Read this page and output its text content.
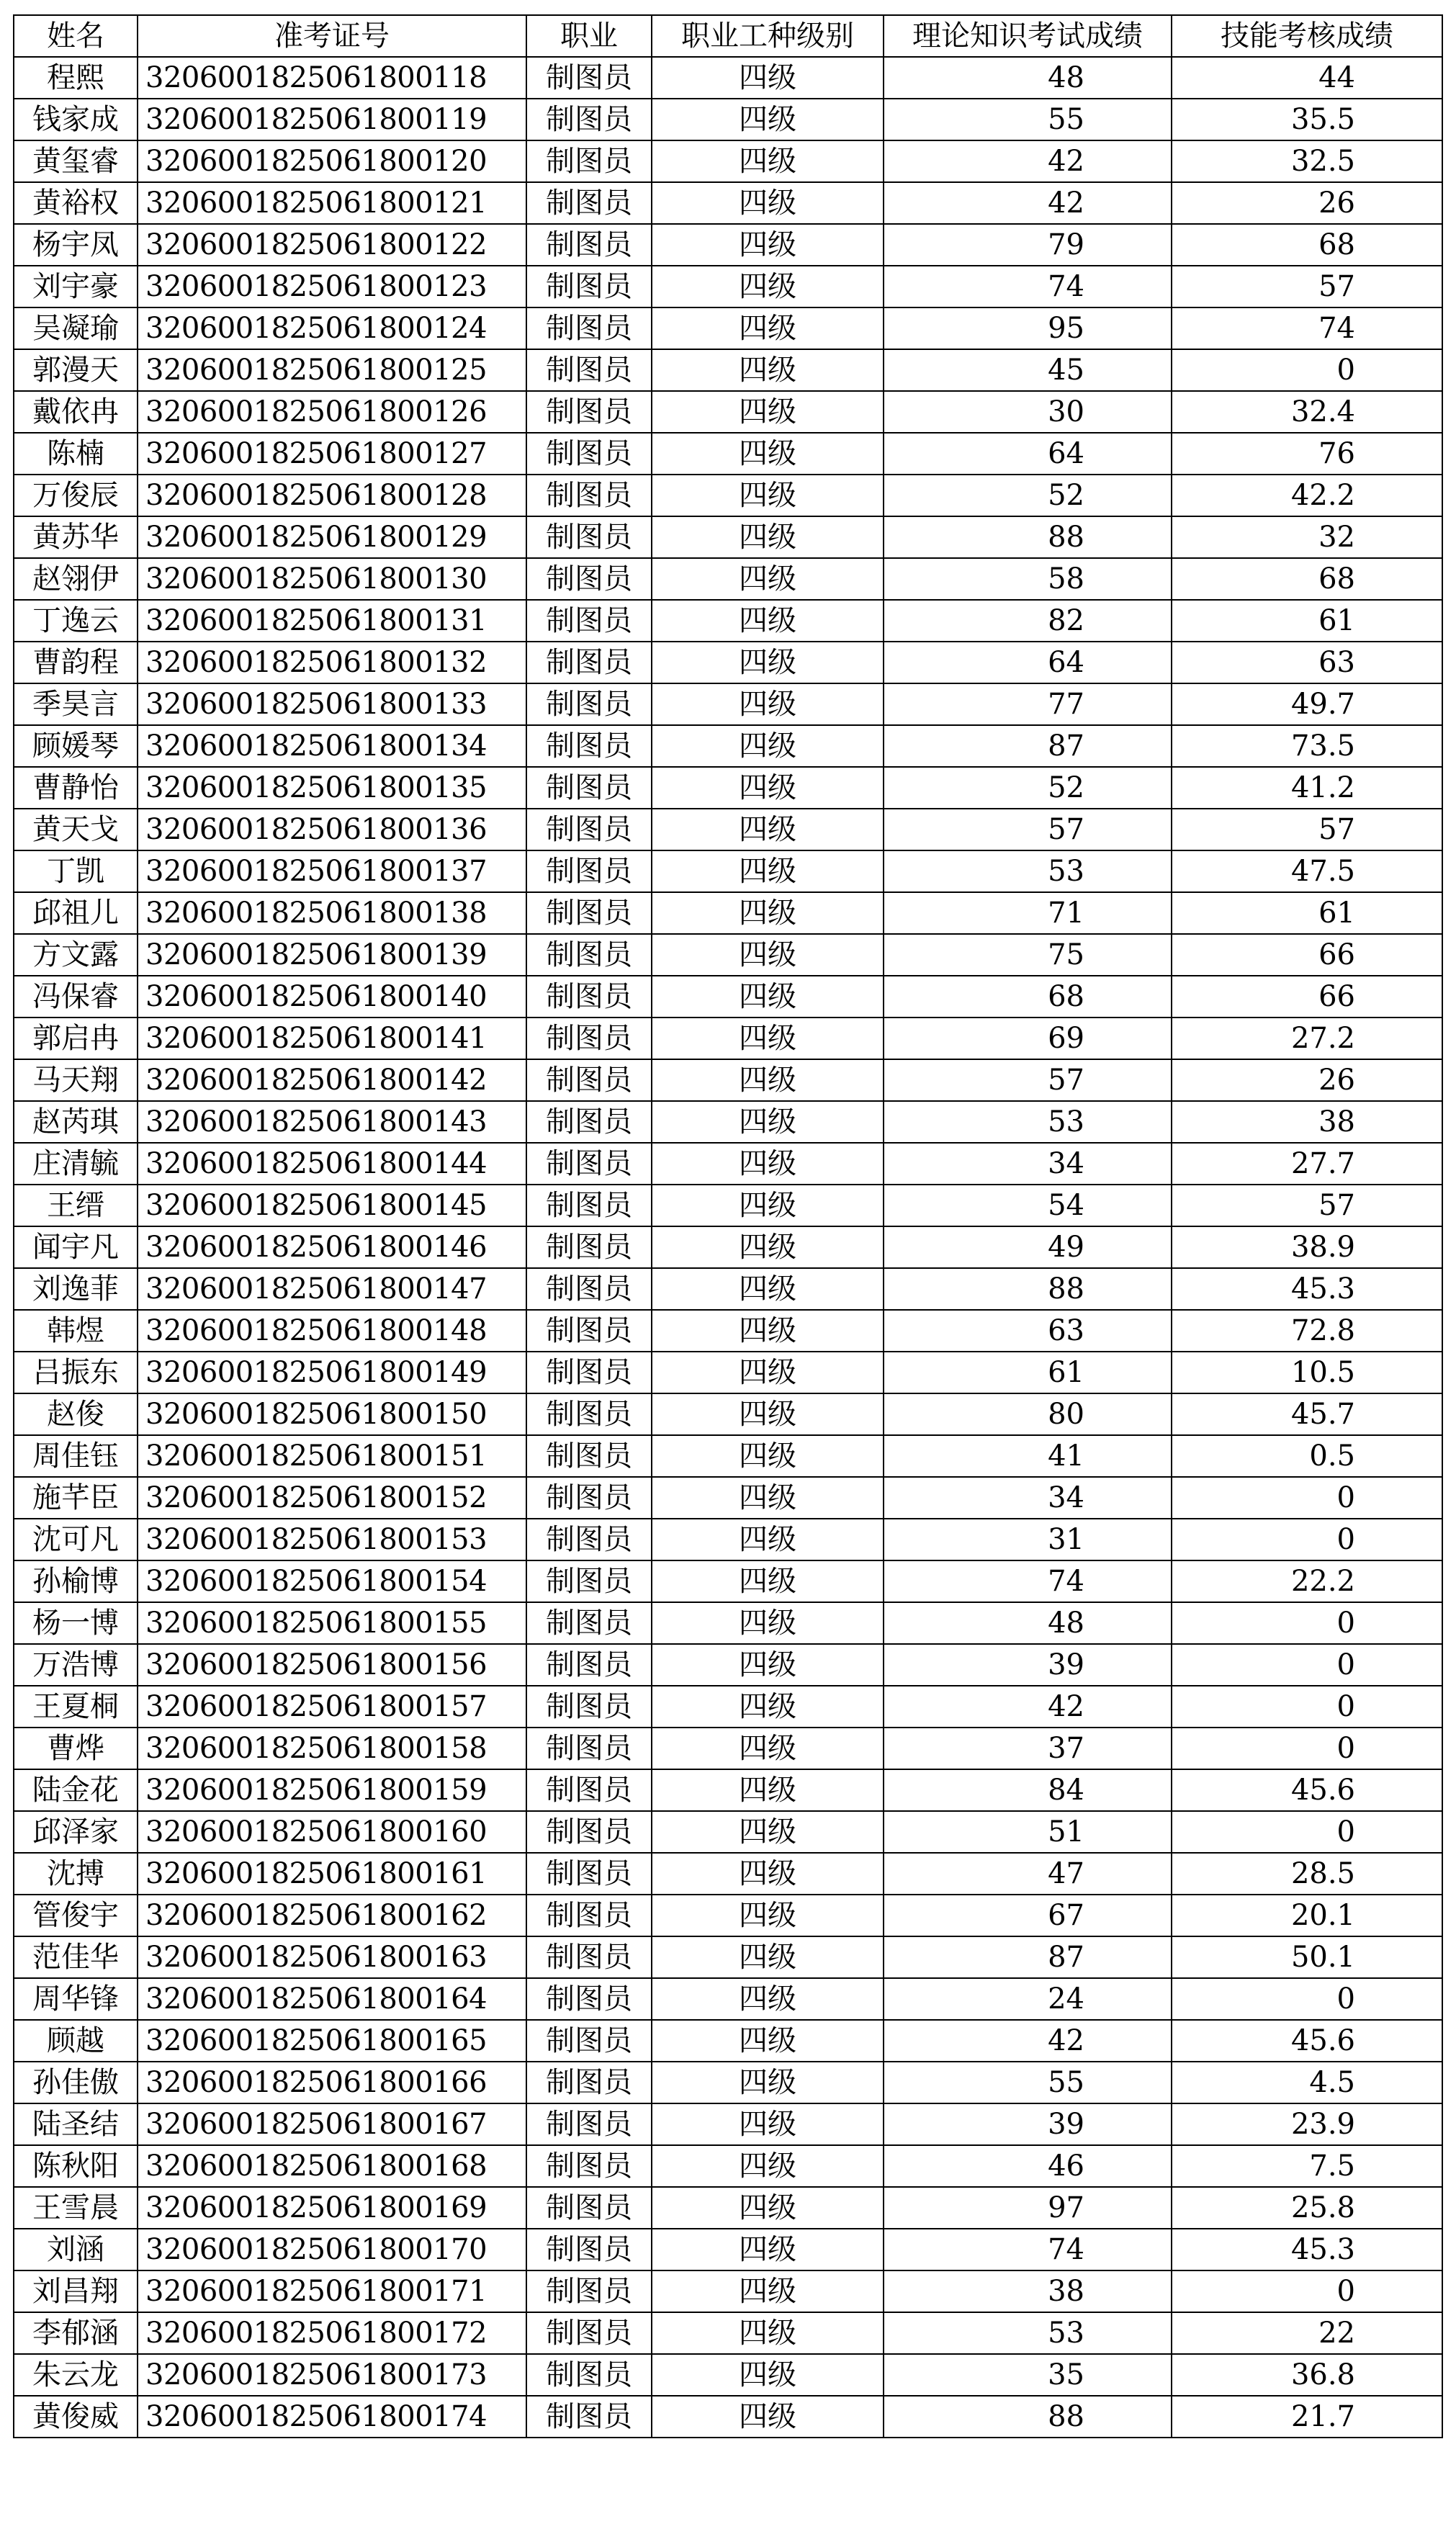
姓名	准考证号	职业	职业工种级别	理论知识考试成绩	技能考核成绩
程熙	3206001825061800118	制图员	四级	48	44
钱家成	3206001825061800119	制图员	四级	55	35.5
黄玺睿	3206001825061800120	制图员	四级	42	32.5
黄裕权	3206001825061800121	制图员	四级	42	26
杨宇凤	3206001825061800122	制图员	四级	79	68
刘宇豪	3206001825061800123	制图员	四级	74	57
吴凝瑜	3206001825061800124	制图员	四级	95	74
郭漫天	3206001825061800125	制图员	四级	45	0
戴依冉	3206001825061800126	制图员	四级	30	32.4
陈楠	3206001825061800127	制图员	四级	64	76
万俊辰	3206001825061800128	制图员	四级	52	42.2
黄苏华	3206001825061800129	制图员	四级	88	32
赵翎伊	3206001825061800130	制图员	四级	58	68
丁逸云	3206001825061800131	制图员	四级	82	61
曹韵程	3206001825061800132	制图员	四级	64	63
季昊言	3206001825061800133	制图员	四级	77	49.7
顾媛琴	3206001825061800134	制图员	四级	87	73.5
曹静怡	3206001825061800135	制图员	四级	52	41.2
黄天戈	3206001825061800136	制图员	四级	57	57
丁凯	3206001825061800137	制图员	四级	53	47.5
邱祖儿	3206001825061800138	制图员	四级	71	61
方文露	3206001825061800139	制图员	四级	75	66
冯保睿	3206001825061800140	制图员	四级	68	66
郭启冉	3206001825061800141	制图员	四级	69	27.2
马天翔	3206001825061800142	制图员	四级	57	26
赵芮琪	3206001825061800143	制图员	四级	53	38
庄清毓	3206001825061800144	制图员	四级	34	27.7
王缙	3206001825061800145	制图员	四级	54	57
闻宇凡	3206001825061800146	制图员	四级	49	38.9
刘逸菲	3206001825061800147	制图员	四级	88	45.3
韩煜	3206001825061800148	制图员	四级	63	72.8
吕振东	3206001825061800149	制图员	四级	61	10.5
赵俊	3206001825061800150	制图员	四级	80	45.7
周佳钰	3206001825061800151	制图员	四级	41	0.5
施芊臣	3206001825061800152	制图员	四级	34	0
沈可凡	3206001825061800153	制图员	四级	31	0
孙榆博	3206001825061800154	制图员	四级	74	22.2
杨一博	3206001825061800155	制图员	四级	48	0
万浩博	3206001825061800156	制图员	四级	39	0
王夏桐	3206001825061800157	制图员	四级	42	0
曹烨	3206001825061800158	制图员	四级	37	0
陆金花	3206001825061800159	制图员	四级	84	45.6
邱泽家	3206001825061800160	制图员	四级	51	0
沈搏	3206001825061800161	制图员	四级	47	28.5
管俊宇	3206001825061800162	制图员	四级	67	20.1
范佳华	3206001825061800163	制图员	四级	87	50.1
周华锋	3206001825061800164	制图员	四级	24	0
顾越	3206001825061800165	制图员	四级	42	45.6
孙佳傲	3206001825061800166	制图员	四级	55	4.5
陆圣结	3206001825061800167	制图员	四级	39	23.9
陈秋阳	3206001825061800168	制图员	四级	46	7.5
王雪晨	3206001825061800169	制图员	四级	97	25.8
刘涵	3206001825061800170	制图员	四级	74	45.3
刘昌翔	3206001825061800171	制图员	四级	38	0
李郁涵	3206001825061800172	制图员	四级	53	22
朱云龙	3206001825061800173	制图员	四级	35	36.8
黄俊威	3206001825061800174	制图员	四级	88	21.7
